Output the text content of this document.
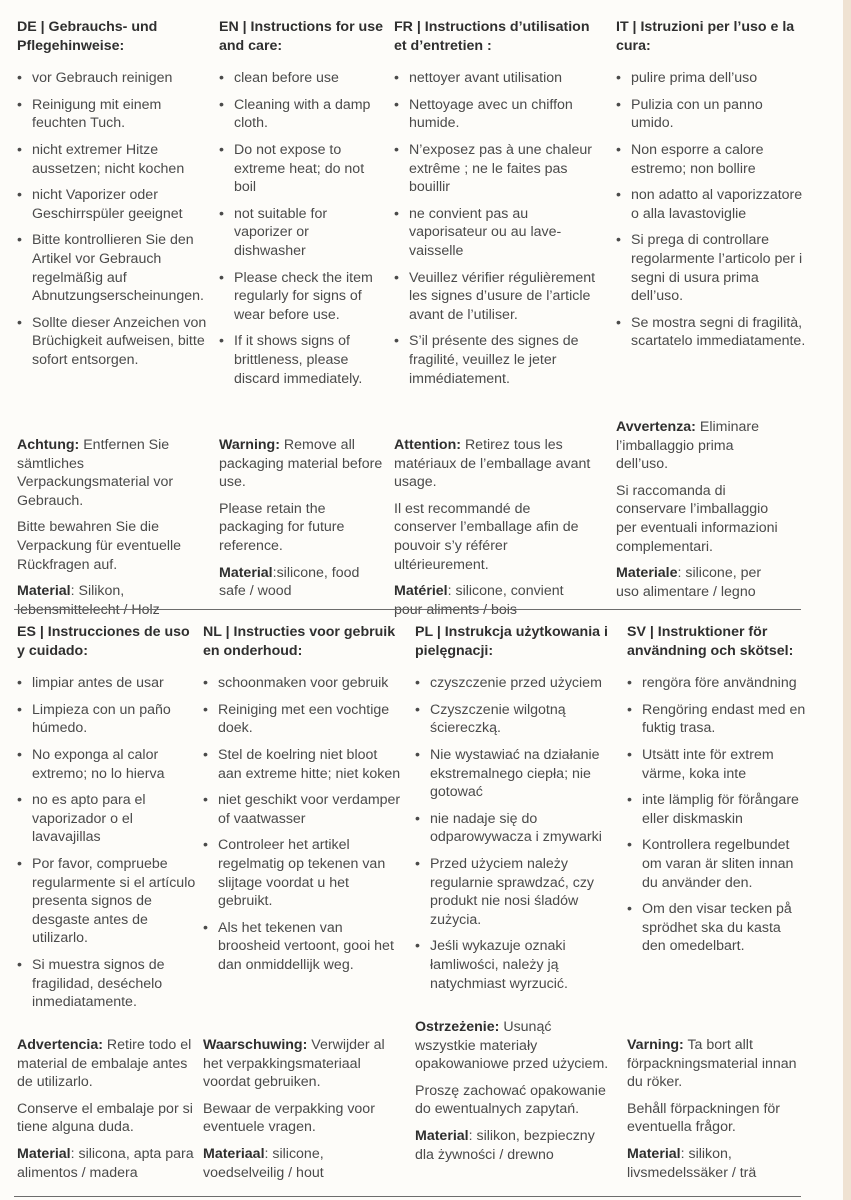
DE | Gebrauchs- und Pflegehinweise:
• vor Gebrauch reinigen
• Reinigung mit einem feuchten Tuch.
• nicht extremer Hitze aussetzen; nicht kochen
• nicht Vaporizer oder Geschirrspüler geeignet
• Bitte kontrollieren Sie den Artikel vor Gebrauch regelmäßig auf Abnutzungserscheinungen.
• Sollte dieser Anzeichen von Brüchigkeit aufweisen, bitte sofort entsorgen.

Achtung: Entfernen Sie sämtliches Verpackungsmaterial vor Gebrauch.

Bitte bewahren Sie die Verpackung für eventuelle Rückfragen auf.

Material: Silikon, lebensmittelecht / Holz

EN | Instructions for use and care:
• clean before use
• Cleaning with a damp cloth.
• Do not expose to extreme heat; do not boil
• not suitable for vaporizer or dishwasher
• Please check the item regularly for signs of wear before use.
• If it shows signs of brittleness, please discard immediately.

Warning: Remove all packaging material before use.

Please retain the packaging for future reference.

Material:silicone, food safe / wood

FR | Instructions d’utilisation et d’entretien :
• nettoyer avant utilisation
• Nettoyage avec un chiffon humide.
• N’exposez pas à une chaleur extrême ; ne le faites pas bouillir
• ne convient pas au vaporisateur ou au lave-vaisselle
• Veuillez vérifier régulièrement les signes d’usure de l’article avant de l’utiliser.
• S’il présente des signes de fragilité, veuillez le jeter immédiatement.

Attention: Retirez tous les matériaux de l’emballage avant usage.

Il est recommandé de conserver l’emballage afin de pouvoir s’y référer ultérieurement.

Matériel: silicone, convient pour aliments / bois

IT | Istruzioni per l’uso e la cura:
• pulire prima dell’uso
• Pulizia con un panno umido.
• Non esporre a calore estremo; non bollire
• non adatto al vaporizzatore o alla lavastoviglie
• Si prega di controllare regolarmente l’articolo per i segni di usura prima dell’uso.
• Se mostra segni di fragilità, scartatelo immediatamente.

Avvertenza: Eliminare l’imballaggio prima dell’uso.

Si raccomanda di conservare l’imballaggio per eventuali informazioni complementari.

Materiale: silicone, per uso alimentare / legno

ES | Instrucciones de uso y cuidado:
• limpiar antes de usar
• Limpieza con un paño húmedo.
• No exponga al calor extremo; no lo hierva
• no es apto para el vaporizador o el lavavajillas
• Por favor, compruebe regularmente si el artículo presenta signos de desgaste antes de utilizarlo.
• Si muestra signos de fragilidad, deséchelo inmediatamente.

Advertencia: Retire todo el material de embalaje antes de utilizarlo.

Conserve el embalaje por si tiene alguna duda.

Material: silicona, apta para alimentos / madera

NL | Instructies voor gebruik en onderhoud:
• schoonmaken voor gebruik
• Reiniging met een vochtige doek.
• Stel de koelring niet bloot aan extreme hitte; niet koken
• niet geschikt voor verdamper of vaatwasser
• Controleer het artikel regelmatig op tekenen van slijtage voordat u het gebruikt.
• Als het tekenen van broosheid vertoont, gooi het dan onmiddellijk weg.

Waarschuwing: Verwijder al het verpakkingsmateriaal voordat gebruiken.

Bewaar de verpakking voor eventuele vragen.

Materiaal: silicone, voedselveilig / hout

PL | Instrukcja użytkowania i pielęgnacji:
• czyszczenie przed użyciem
• Czyszczenie wilgotną ściereczką.
• Nie wystawiać na działanie ekstremalnego ciepła; nie gotować
• nie nadaje się do odparowywacza i zmywarki
• Przed użyciem należy regularnie sprawdzać, czy produkt nie nosi śladów zużycia.
• Jeśli wykazuje oznaki łamliwości, należy ją natychmiast wyrzucić.

Ostrzeżenie: Usunąć wszystkie materiały opakowaniowe przed użyciem.

Proszę zachować opakowanie do ewentualnych zapytań.

Material: silikon, bezpieczny dla żywności / drewno

SV | Instruktioner för användning och skötsel:
• rengöra före användning
• Rengöring endast med en fuktig trasa.
• Utsätt inte för extrem värme, koka inte
• inte lämplig för förångare eller diskmaskin
• Kontrollera regelbundet om varan är sliten innan du använder den.
• Om den visar tecken på sprödhet ska du kasta den omedelbart.

Varning: Ta bort allt förpackningsmaterial innan du röker.

Behåll förpackningen för eventuella frågor.

Material: silikon, livsmedelssäker / trä
